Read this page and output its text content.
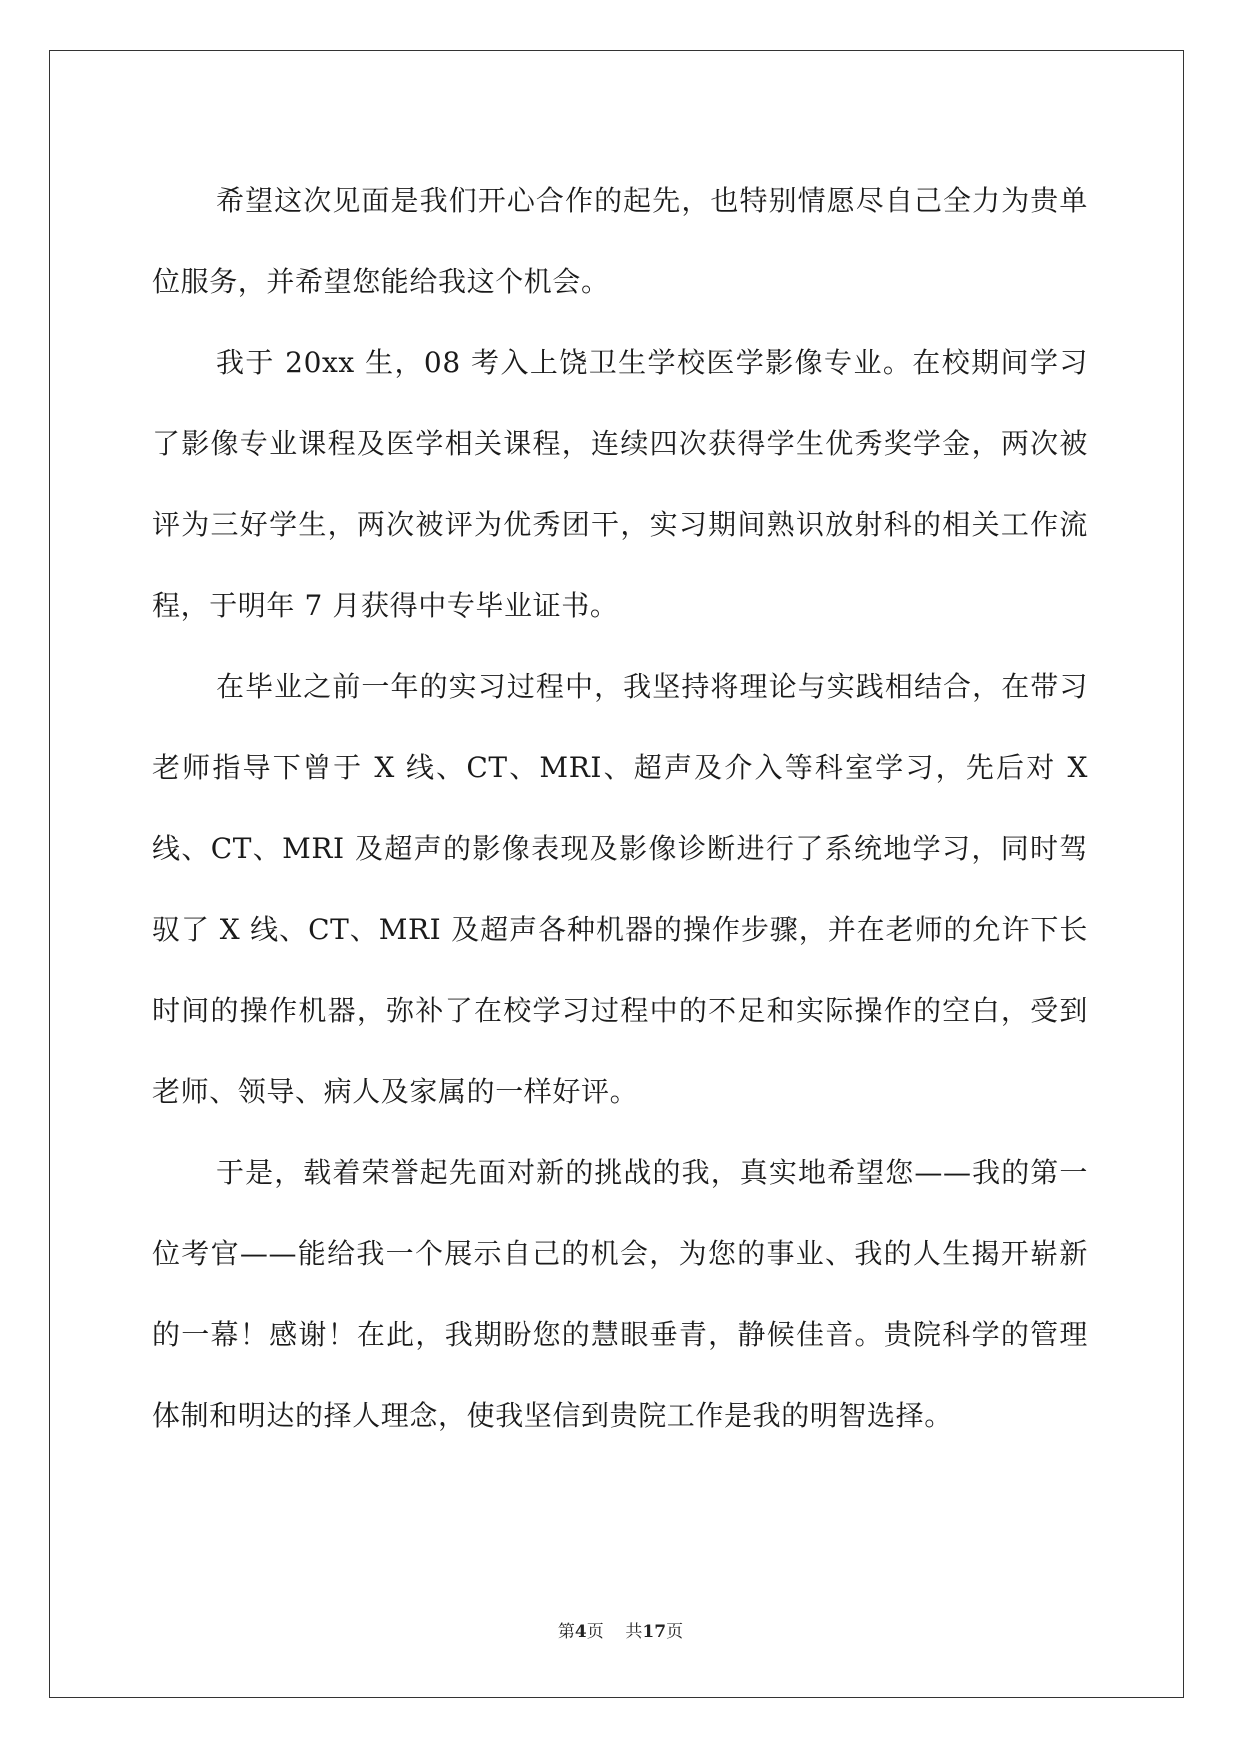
希望这次见面是我们开心合作的起先，也特别情愿尽自己全力为贵单位服务，并希望您能给我这个机会。

我于 20xx 生，08 考入上饶卫生学校医学影像专业。在校期间学习了影像专业课程及医学相关课程，连续四次获得学生优秀奖学金，两次被评为三好学生，两次被评为优秀团干，实习期间熟识放射科的相关工作流程，于明年 7 月获得中专毕业证书。

在毕业之前一年的实习过程中，我坚持将理论与实践相结合，在带习老师指导下曾于 X 线、CT、MRI、超声及介入等科室学习，先后对 X 线、CT、MRI 及超声的影像表现及影像诊断进行了系统地学习，同时驾驭了 X 线、CT、MRI 及超声各种机器的操作步骤，并在老师的允许下长时间的操作机器，弥补了在校学习过程中的不足和实际操作的空白，受到老师、领导、病人及家属的一样好评。

于是，载着荣誉起先面对新的挑战的我，真实地希望您——我的第一位考官——能给我一个展示自己的机会，为您的事业、我的人生揭开崭新的一幕！感谢！在此，我期盼您的慧眼垂青，静候佳音。贵院科学的管理体制和明达的择人理念，使我坚信到贵院工作是我的明智选择。

第4页 共17页
